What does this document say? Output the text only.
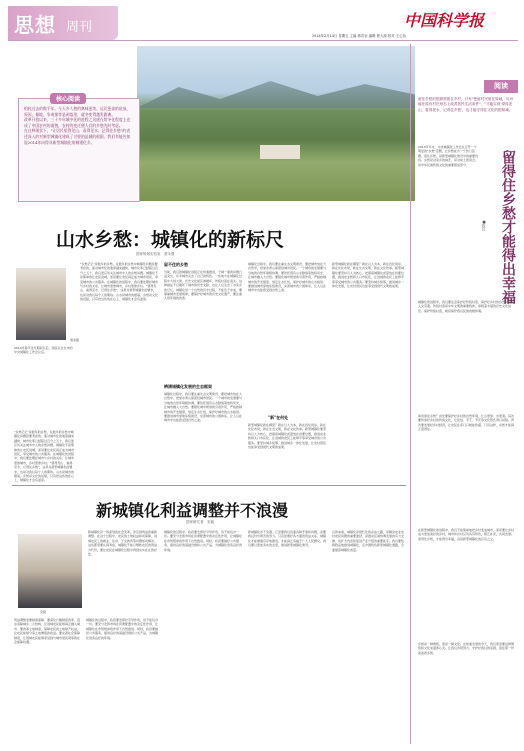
思想 周刊	中国科学报
2014年2月14日 星期五 主编 蒋若岩 编辑 焦大源 校对 王心怡
核心阅读
相较过去的数千年，今天乡人愁的离味更浓。远比更高的说放，原因，据地，争或推等是剥落里，就冬变得越发跟离。
改革开放以来，三十多年城中化的进程之迅速在给冬化程度上也成了中国农村的面貌，农村的变迁便人们的乡愁先时考虑。
在这种现状下，"让居民望得见山、看得见水、记得住乡愁"的表述深入的对新型城镇化建筑了讨要的是城的根据，我们有能告知说2014年向得具新型城镇化的城建化乡。
山水乡愁：城镇化的新标尺
国家规划实验室　蔡永强
蔡永强
2014年春节过年期间以后，国家总在位市的中央城镇化工作会议后。
"乡愁记忆"是数年的乡愁，在数年的乡愁中城镇化问题是要考虑的，面对城市化的速度越来越快，城市化率已经超过百分之五十，我们更应该关注城市中人的乡愁问题。城镇化不是简单的让农民进城，而是要让农民真正成为城市居民，享受城市的公共服务。在城镇化的进程中，我们要处理好城市与乡村的关系，让城市更像城市，乡村更像乡村。"望得见山、看得见水、记得住乡愁"，这是对新型城镇化的要求，也是对我们每个人的期待。山水是城市的根基，乡愁是文化的延续，只有把这些放在心上，城镇化才会有温度。
"乡愁记忆"是数年的乡愁，在数年的乡愁中城镇化问题是要考虑的，面对城市化的速度越来越快，城市化率已经超过百分之五十，我们更应该关注城市中人的乡愁问题。城镇化不是简单的让农民进城，而是要让农民真正成为城市居民，享受城市的公共服务。在城镇化的进程中，我们要处理好城市与乡村的关系，让城市更像城市，乡村更像乡村。"望得见山、看得见水、记得住乡愁"，这是对新型城镇化的要求，也是对我们每个人的期待。山水是城市的根基，乡愁是文化的延续，只有把这些放在心上，城镇化才会有温度。
留不住的乡愁
当前，我们的城镇化进程正在快速推进，千城一面的问题日益突出，许多城市失去了自己的特色。一些地方在城镇化过程中大拆大建，历史文化街区被破坏，传统村落在消失。这种做法不仅破坏了城市的历史文脉，也让人们失去了对家乡的记忆。城镇化是一个自然的历史过程，不能急于求成，要尊重城市发展规律，要保护好城市的历史文化遗产，要注重人居环境的改善。
辨清城镇化发展的生态框架
城镇化过程中，我们要注重生态文明建设，要把城市放在大自然中，把绿水青山保留给城市居民。一个城市的发展要与当地的自然环境相协调，要依托现有山水脉络等独特风光，让城市融入大自然。要强化城市规划的引领作用，严格控制城市的开发强度，划定生态红线，保护好城市的山水格局。要推进城市绿地系统建设，完善城市的公园体系，让人们在城市中也能感受到自然之美。
城镇化过程中，我们要注重生态文明建设，要把城市放在大自然中，把绿水青山保留给城市居民。一个城市的发展要与当地的自然环境相协调，要依托现有山水脉络等独特风光，让城市融入大自然。要强化城市规划的引领作用，严格控制城市的开发强度，划定生态红线，保护好城市的山水格局。要推进城市绿地系统建设，完善城市的公园体系，让人们在城市中也能感受到自然之美。
"新"在何处
新型城镇化新在哪里？新在以人为本，新在四化同步，新在优化布局，新在生态文明，新在文化传承。新型城镇化要坚持以人为核心，把提高城镇化质量放在首要位置，推进农业转移人口市民化，让进城的农民工能够平等享受城市的公共服务。要坚持城乡统筹，推进城乡一体化发展，让农村居民也能享受到现代文明的成果。
新型城镇化新在哪里？新在以人为本，新在四化同步，新在优化布局，新在生态文明，新在文化传承。新型城镇化要坚持以人为核心，把提高城镇化质量放在首要位置，推进农业转移人口市民化，让进城的农民工能够平等享受城市的公共服务。要坚持城乡统筹，推进城乡一体化发展，让农村居民也能享受到现代文明的成果。
新城镇化利益调整并不浪漫
国家研究者　宋毅
宋毅
新城镇化是一场深刻的社会变革，涉及到利益的重新调整。在这个过程中，农民的土地权益如何保障，进城农民工的就业、住房、子女教育等问题如何解决，这些都需要认真考虑。城镇化不能以牺牲农民的利益为代价，要让农民在城镇化过程中得到实实在在的好处。
利益调整需要制度保障。要深化户籍制度改革，逐步消除城乡二元结构，让进城农民能够真正融入城市。要改革土地制度，保障农民的土地财产权益，让农民能够分享土地增值的收益。要完善社会保障制度，让进城农民能够享受到与城市居民同等的社会保障待遇。
城镇化的过程中，政府要发挥好引导作用，但不能包办一切。要充分发挥市场在资源配置中的决定性作用，让城镇化在市场规律的作用下自然推进。同时，政府要做好公共服务，提供良好的基础设施和公共产品，为城镇化创造良好的环境。
城镇化的过程中，政府要发挥好引导作用，但不能包办一切。要充分发挥市场在资源配置中的决定性作用，让城镇化在市场规律的作用下自然推进。同时，政府要做好公共服务，提供良好的基础设施和公共产品，为城镇化创造良好的环境。
新城镇化并不浪漫，它需要我们直面各种矛盾和问题，需要我们付出艰苦的努力。只有处理好各方面的利益关系，城镇化才能健康有序地推进，才能真正造福于广大人民群众。我们要以更加务实的态度，推进新型城镇化建设。
总的来看，城镇化是现代化的必由之路，是解决农业农村农民问题的重要途径，是推动区域协调发展的有力支撑，是扩大内需和促进产业升级的重要抓手。我们要积极稳妥地推进城镇化，走中国特色新型城镇化道路，全面提高城镇化质量。
阅读
留住乡愁的根源需留住乡村，只有"把留村民留在原地，尽可能在原有村庄形态上改善居民生活条件"，"才能实现'望得见山，看得见水，记得住乡愁'，也才能守得住文化的根和魂。
留得住乡愁才能得出幸福
■钱汉
2013年年末，中央城镇化工作会议召开一个明显的"乡愁"话题，让乡愁成为一个热门话题。留住乡愁，是新型城镇化建设中的重要内容。乡愁是对家乡的眷恋，是对故土的思念，是中华民族传统文化的重要组成部分。
城镇化的进程中，我们要注意保护好传统村落，保护好乡村的自然风貌和人文景观。传统村落是中华文明的重要载体，承载着丰富的历史文化信息。保护传统村落，就是保护我们民族的根和魂。
如何留住乡愁？首先要保护好乡村的自然环境，让山更绿、水更清。其次要传承好乡村的传统文化，让民俗、手艺、节庆等文化形式得以延续。再次要发展好乡村经济，让农民在家门口就能致富。只有这样，乡愁才能真正留得住。
在新型城镇化的进程中，我们不能简单地把乡村变成城市，而是要让乡村成为更加美好的乡村。城市和乡村应该各有特色，相互补充，共同发展。留得住乡愁，才能得出幸福，这是新型城镇化的应有之义。
乡愁是一种情感，更是一种文化。在快速发展的今天，我们更需要这种情感和文化来滋养心灵。让我们共同努力，守护好我们的家园，留住那一份浓浓的乡愁。
